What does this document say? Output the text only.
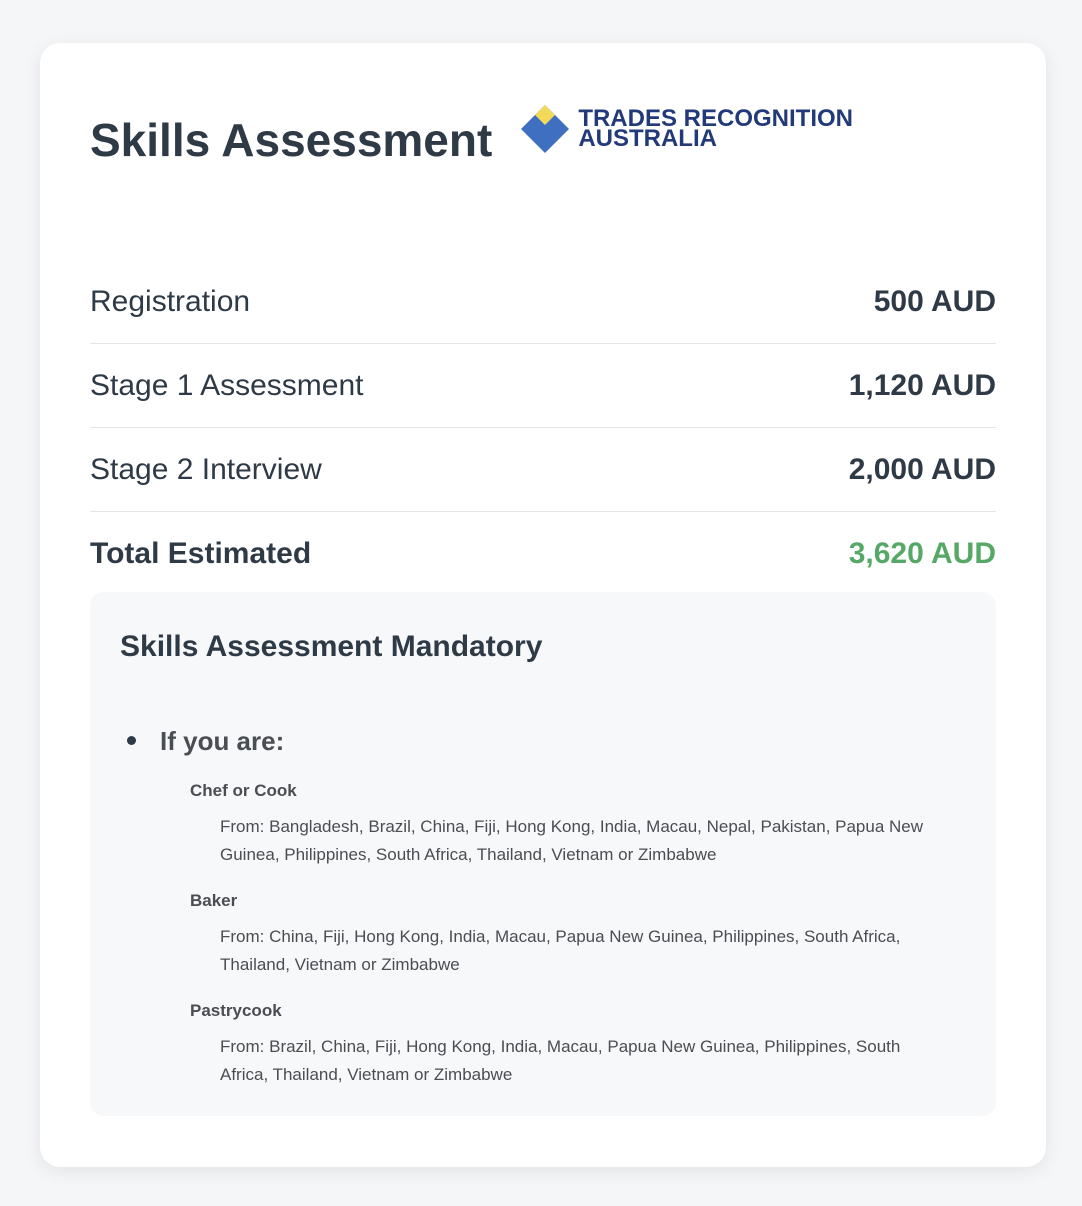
Skills Assessment	TRADES RECOGNITION
AUSTRALIA
Registration	500 AUD
Stage 1 Assessment	1,120 AUD
Stage 2 Interview	2,000 AUD
Total Estimated	3,620 AUD
Skills Assessment Mandatory
If you are:
Chef or Cook
From: Bangladesh, Brazil, China, Fiji, Hong Kong, India, Macau, Nepal, Pakistan, Papua New Guinea, Philippines, South Africa, Thailand, Vietnam or Zimbabwe
Baker
From: China, Fiji, Hong Kong, India, Macau, Papua New Guinea, Philippines, South Africa, Thailand, Vietnam or Zimbabwe
Pastrycook
From: Brazil, China, Fiji, Hong Kong, India, Macau, Papua New Guinea, Philippines, South Africa, Thailand, Vietnam or Zimbabwe
